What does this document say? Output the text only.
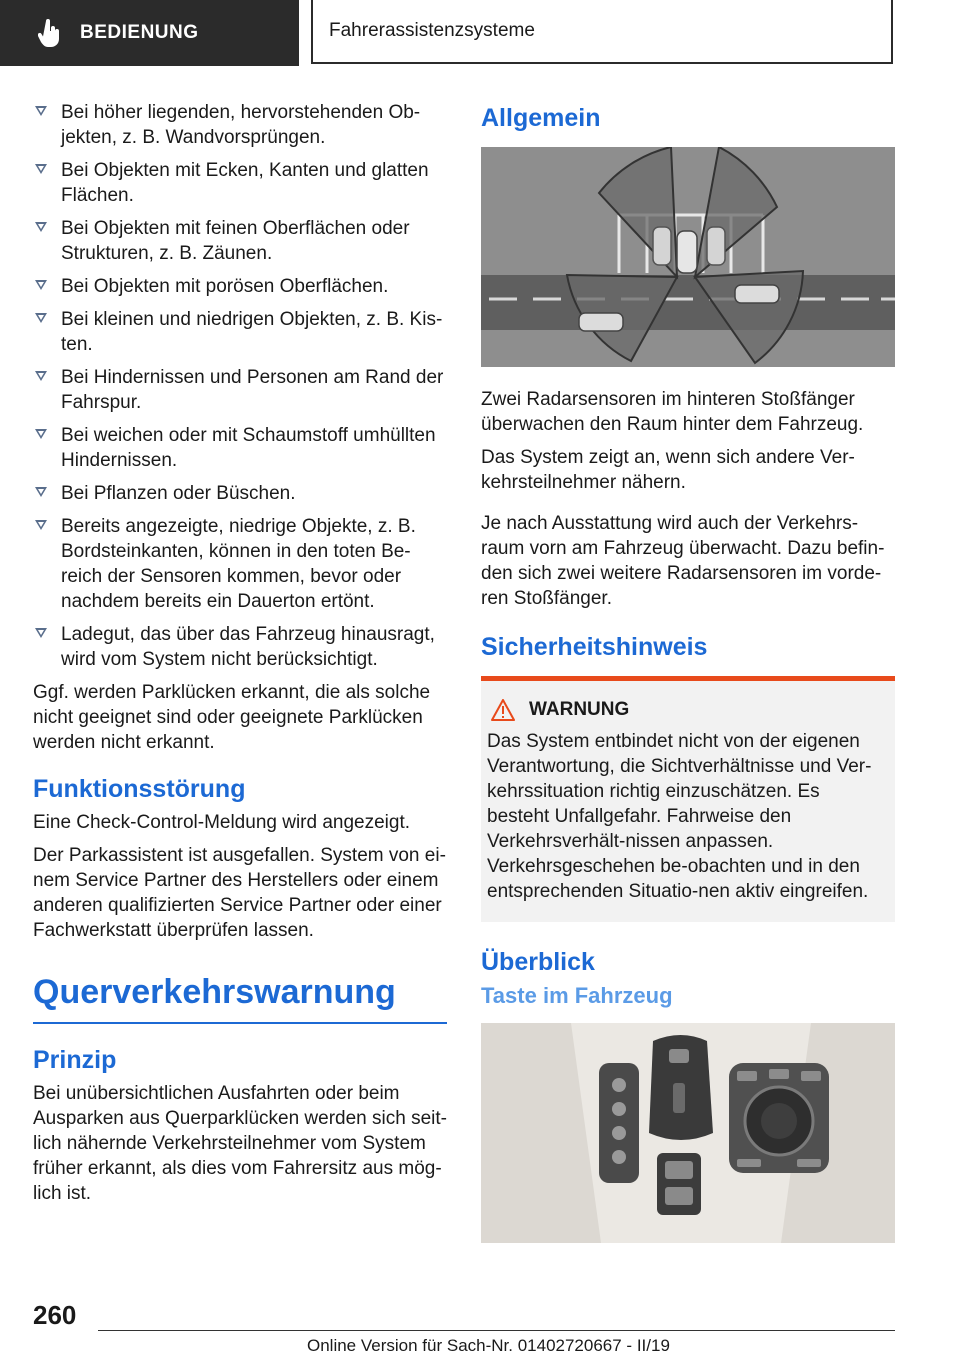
BEDIENUNG	Fahrerassistenzsysteme
Bei höher liegenden, hervorstehenden Ob‐jekten, z. B. Wandvorsprüngen.
Bei Objekten mit Ecken, Kanten und glatten Flächen.
Bei Objekten mit feinen Oberflächen oder Strukturen, z. B. Zäunen.
Bei Objekten mit porösen Oberflächen.
Bei kleinen und niedrigen Objekten, z. B. Kis‐ten.
Bei Hindernissen und Personen am Rand der Fahrspur.
Bei weichen oder mit Schaumstoff umhüllten Hindernissen.
Bei Pflanzen oder Büschen.
Bereits angezeigte, niedrige Objekte, z. B. Bordsteinkanten, können in den toten Be‐reich der Sensoren kommen, bevor oder nachdem bereits ein Dauerton ertönt.
Ladegut, das über das Fahrzeug hinausragt, wird vom System nicht berücksichtigt.

Ggf. werden Parklücken erkannt, die als solche nicht geeignet sind oder geeignete Parklücken werden nicht erkannt.

Funktionsstörung

Eine Check-Control-Meldung wird angezeigt.

Der Parkassistent ist ausgefallen. System von ei‐nem Service Partner des Herstellers oder einem anderen qualifizierten Service Partner oder einer Fachwerkstatt überprüfen lassen.

Querverkehrswarnung
Prinzip

Bei unübersichtlichen Ausfahrten oder beim Ausparken aus Querparklücken werden sich seit‐lich nähernde Verkehrsteilnehmer vom System früher erkannt, als dies vom Fahrersitz aus mög‐lich ist.

Allgemein

Zwei Radarsensoren im hinteren Stoßfänger überwachen den Raum hinter dem Fahrzeug.

Das System zeigt an, wenn sich andere Ver‐kehrsteilnehmer nähern.

Je nach Ausstattung wird auch der Verkehrs‐raum vorn am Fahrzeug überwacht. Dazu befin‐den sich zwei weitere Radarsensoren im vorde‐ren Stoßfänger.

Sicherheitshinweis
WARNUNG

Das System entbindet nicht von der eigenen Verantwortung, die Sichtverhältnisse und Ver‐kehrssituation richtig einzuschätzen. Es besteht Unfallgefahr. Fahrweise den Verkehrsverhält‐nissen anpassen. Verkehrsgeschehen be‐obachten und in den entsprechenden Situatio‐nen aktiv eingreifen.

Überblick
Taste im Fahrzeug
260
Online Version für Sach-Nr. 01402720667 - II/19
